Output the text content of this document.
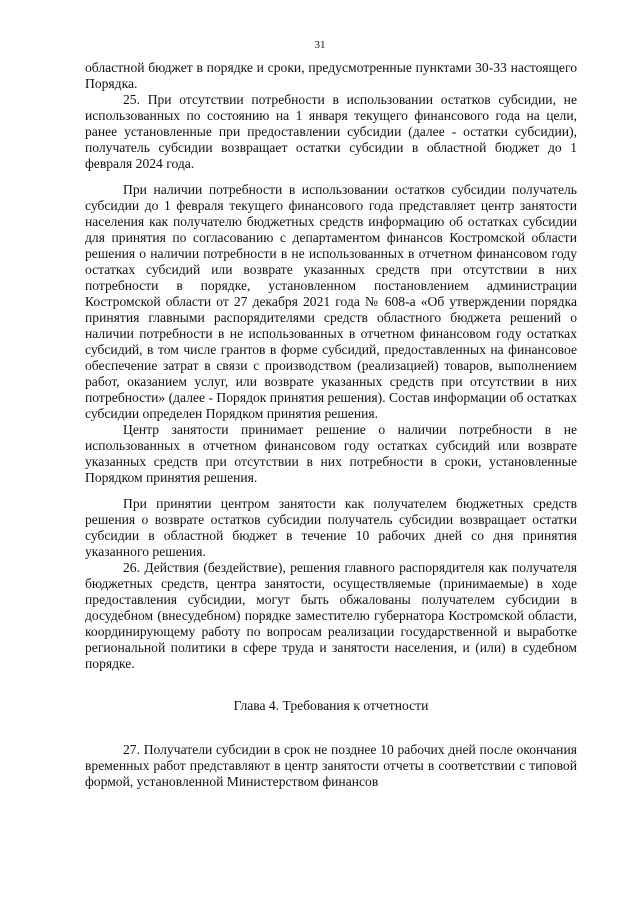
31

областной бюджет в порядке и сроки, предусмотренные пунктами 30-33 настоящего Порядка.

25. При отсутствии потребности в использовании остатков субсидии, не использованных по состоянию на 1 января текущего финансового года на цели, ранее установленные при предоставлении субсидии (далее - остатки субсидии), получатель субсидии возвращает остатки субсидии в областной бюджет до 1 февраля 2024 года.

При наличии потребности в использовании остатков субсидии получатель субсидии до 1 февраля текущего финансового года представляет центр занятости населения как получателю бюджетных средств информацию об остатках субсидии для принятия по согласованию с департаментом финансов Костромской области решения о наличии потребности в не использованных в отчетном финансовом году остатках субсидий или возврате указанных средств при отсутствии в них потребности в порядке, установленном постановлением администрации Костромской области от 27 декабря 2021 года № 608-а «Об утверждении порядка принятия главными распорядителями средств областного бюджета решений о наличии потребности в не использованных в отчетном финансовом году остатках субсидий, в том числе грантов в форме субсидий, предоставленных на финансовое обеспечение затрат в связи с производством (реализацией) товаров, выполнением работ, оказанием услуг, или возврате указанных средств при отсутствии в них потребности» (далее - Порядок принятия решения). Состав информации об остатках субсидии определен Порядком принятия решения.

Центр занятости принимает решение о наличии потребности в не использованных в отчетном финансовом году остатках субсидий или возврате указанных средств при отсутствии в них потребности в сроки, установленные Порядком принятия решения.

При принятии центром занятости как получателем бюджетных средств решения о возврате остатков субсидии получатель субсидии возвращает остатки субсидии в областной бюджет в течение 10 рабочих дней со дня принятия указанного решения.

26. Действия (бездействие), решения главного распорядителя как получателя бюджетных средств, центра занятости, осуществляемые (принимаемые) в ходе предоставления субсидии, могут быть обжалованы получателем субсидии в досудебном (внесудебном) порядке заместителю губернатора Костромской области, координирующему работу по вопросам реализации государственной и выработке региональной политики в сфере труда и занятости населения, и (или) в судебном порядке.

Глава 4. Требования к отчетности

27. Получатели субсидии в срок не позднее 10 рабочих дней после окончания временных работ представляют в центр занятости отчеты в соответствии с типовой формой, установленной Министерством финансов
